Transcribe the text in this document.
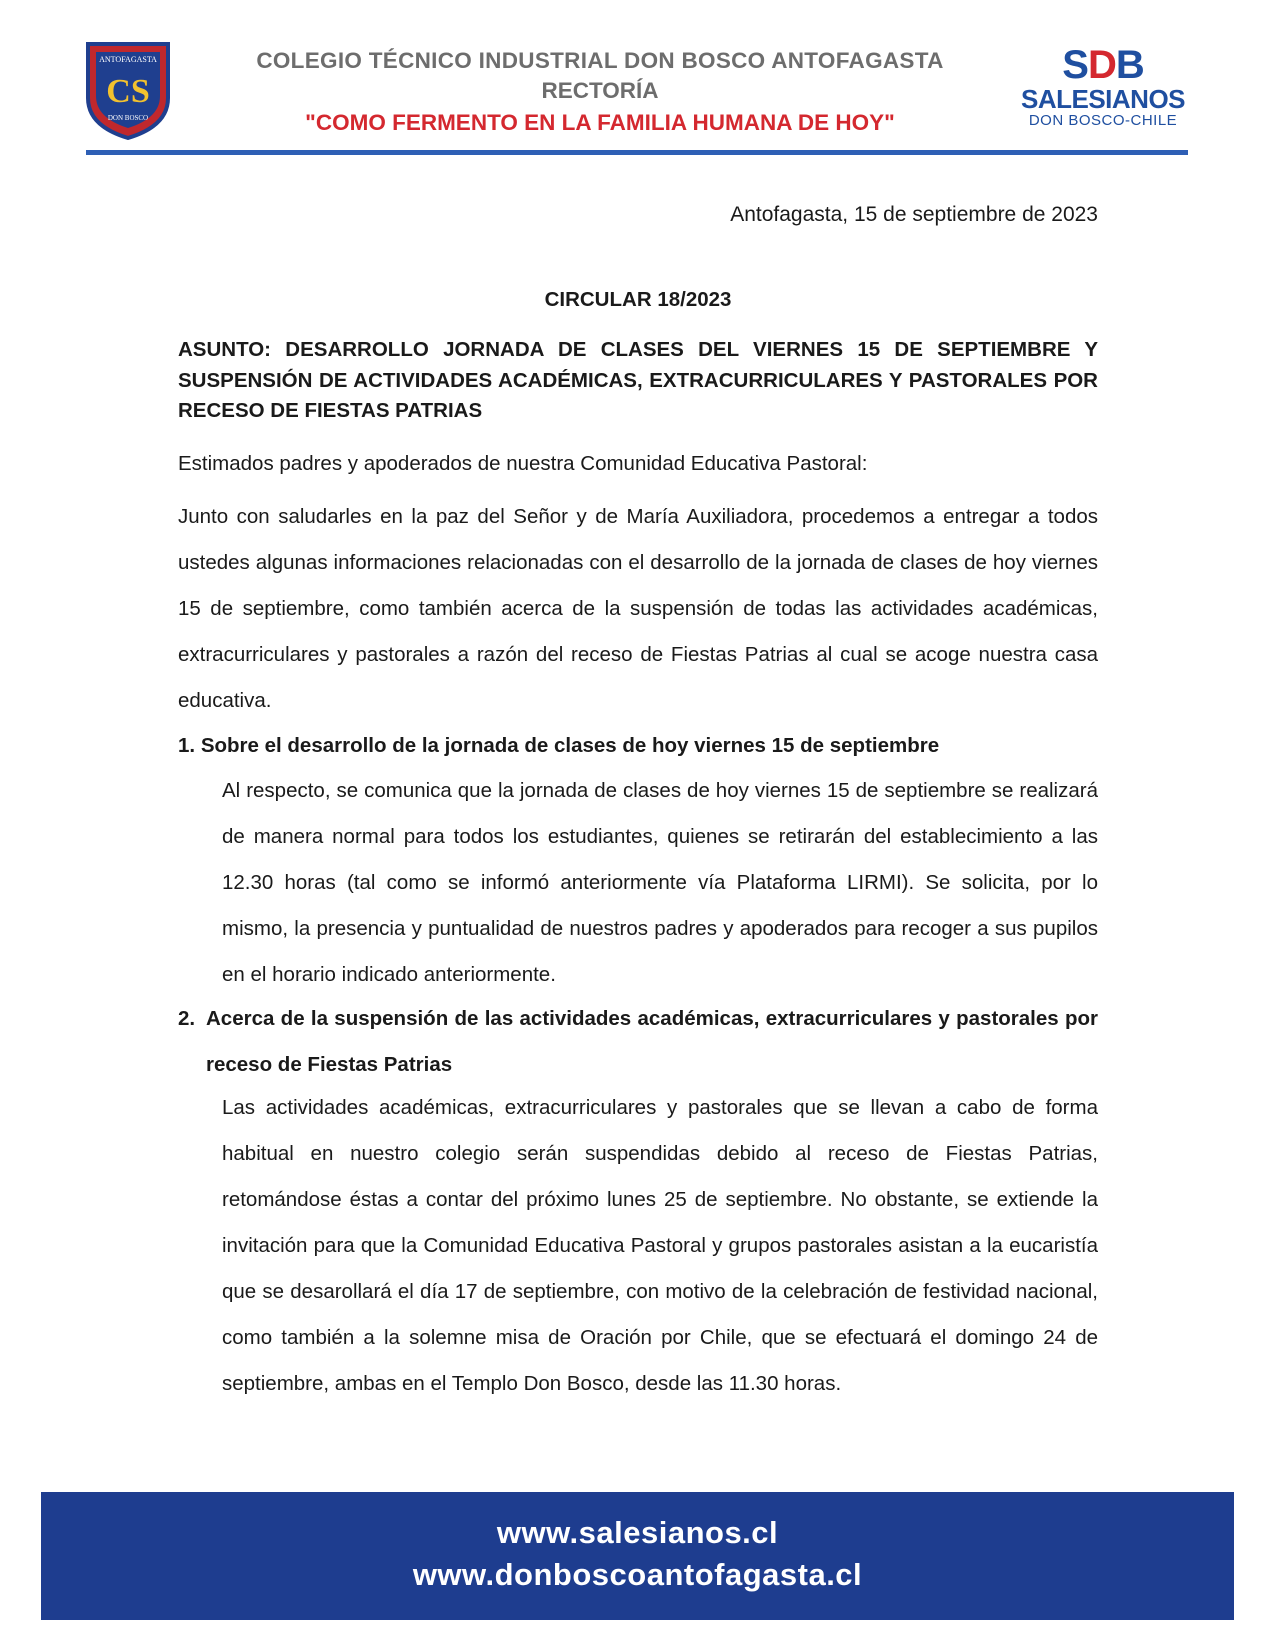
ANTOFAGASTA
CS
DON BOSCO
COLEGIO TÉCNICO INDUSTRIAL DON BOSCO ANTOFAGASTA
RECTORÍA
"COMO FERMENTO EN LA FAMILIA HUMANA DE HOY"
SDB
SALESIANOS
DON BOSCO-CHILE
Antofagasta, 15 de septiembre de 2023
CIRCULAR 18/2023
ASUNTO: DESARROLLO JORNADA DE CLASES DEL VIERNES 15 DE SEPTIEMBRE Y SUSPENSIÓN DE ACTIVIDADES ACADÉMICAS, EXTRACURRICULARES Y PASTORALES POR RECESO DE FIESTAS PATRIAS
Estimados padres y apoderados de nuestra Comunidad Educativa Pastoral:
Junto con saludarles en la paz del Señor y de María Auxiliadora, procedemos a entregar a todos ustedes algunas informaciones relacionadas con el desarrollo de la jornada de clases de hoy viernes 15 de septiembre, como también acerca de la suspensión de todas las actividades académicas, extracurriculares y pastorales a razón del receso de Fiestas Patrias al cual se acoge nuestra casa educativa.
1. Sobre el desarrollo de la jornada de clases de hoy viernes 15 de septiembre
Al respecto, se comunica que la jornada de clases de hoy viernes 15 de septiembre se realizará de manera normal para todos los estudiantes, quienes se retirarán del establecimiento a las 12.30 horas (tal como se informó anteriormente vía Plataforma LIRMI). Se solicita, por lo mismo, la presencia y puntualidad de nuestros padres y apoderados para recoger a sus pupilos en el horario indicado anteriormente.
2. Acerca de la suspensión de las actividades académicas, extracurriculares y pastorales por receso de Fiestas Patrias
Las actividades académicas, extracurriculares y pastorales que se llevan a cabo de forma habitual en nuestro colegio serán suspendidas debido al receso de Fiestas Patrias, retomándose éstas a contar del próximo lunes 25 de septiembre. No obstante, se extiende la invitación para que la Comunidad Educativa Pastoral y grupos pastorales asistan a la eucaristía que se desarollará el día 17 de septiembre, con motivo de la celebración de festividad nacional, como también a la solemne misa de Oración por Chile, que se efectuará el domingo 24 de septiembre, ambas en el Templo Don Bosco, desde las 11.30 horas.
www.salesianos.cl
www.donboscoantofagasta.cl
